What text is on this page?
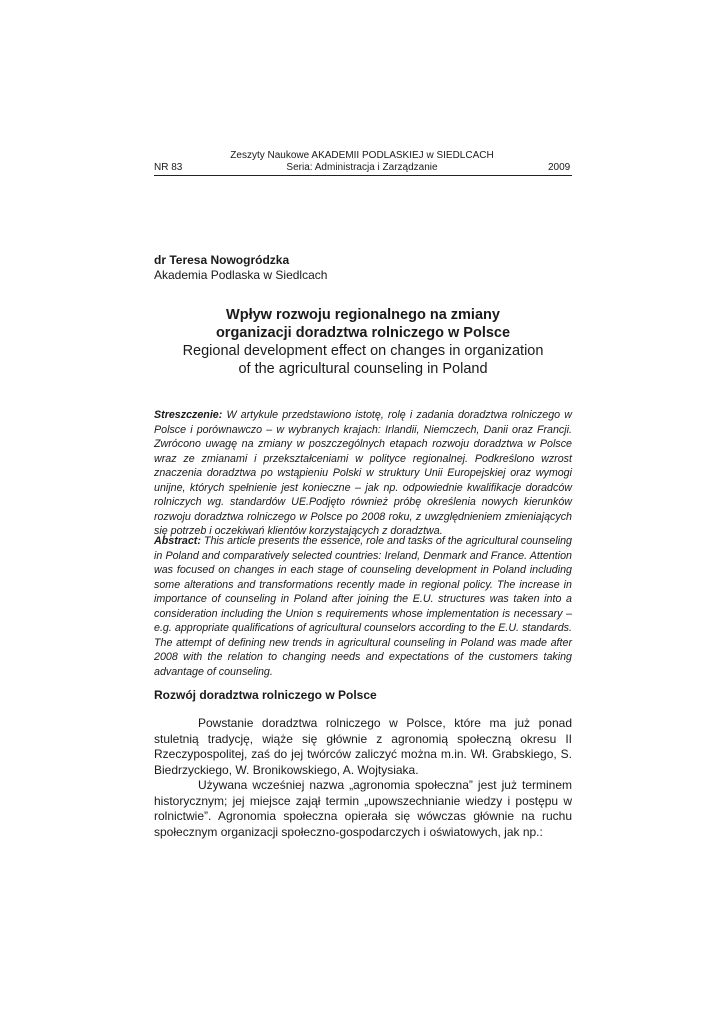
Zeszyty Naukowe AKADEMII PODLASKIEJ w SIEDLCACH
NR 83	Seria: Administracja i Zarządzanie	2009
dr Teresa Nowogródzka
Akademia Podlaska w Siedlcach
Wpływ rozwoju regionalnego na zmiany
organizacji doradztwa rolniczego w Polsce
Regional development effect on changes in organization
of the agricultural counseling in Poland

Streszczenie: W artykule przedstawiono istotę, rolę i zadania doradztwa rolniczego w Polsce i porównawczo – w wybranych krajach: Irlandii, Niemczech, Danii oraz Francji. Zwrócono uwagę na zmiany w poszczególnych etapach rozwoju doradztwa w Polsce wraz ze zmianami i przekształceniami w polityce regionalnej. Podkreślono wzrost znaczenia doradztwa po wstąpieniu Polski w struktury Unii Europejskiej oraz wymogi unijne, których spełnienie jest konieczne – jak np. odpowiednie kwalifikacje doradców rolniczych wg. standardów UE.Podjęto również próbę określenia nowych kierunków rozwoju doradztwa rolniczego w Polsce po 2008 roku, z uwzględnieniem zmieniających się potrzeb i oczekiwań klientów korzystających z doradztwa.

Abstract: This article presents the essence, role and tasks of the agricultural counseling in Poland and comparatively selected countries: Ireland, Denmark and France. Attention was focused on changes in each stage of counseling development in Poland including some alterations and transformations recently made in regional policy. The increase in importance of counseling in Poland after joining the E.U. structures was taken into a consideration including the Union s requirements whose implementation is necessary – e.g. appropriate qualifications of agricultural counselors according to the E.U. standards. The attempt of defining new trends in agricultural counseling in Poland was made after 2008 with the relation to changing needs and expectations of the customers taking advantage of counseling.

Rozwój doradztwa rolniczego w Polsce

Powstanie doradztwa rolniczego w Polsce, które ma już ponad stuletnią tradycję, wiąże się głównie z agronomią społeczną okresu II Rzeczypospolitej, zaś do jej twórców zaliczyć można m.in. Wł. Grabskiego, S. Biedrzyckiego, W. Bronikowskiego, A. Wojtysiaka.

Używana wcześniej nazwa „agronomia społeczna” jest już terminem historycznym; jej miejsce zajął termin „upowszechnianie wiedzy i postępu w rolnictwie”. Agronomia społeczna opierała się wówczas głównie na ruchu społecznym organizacji społeczno-gospodarczych i oświatowych, jak np.:
